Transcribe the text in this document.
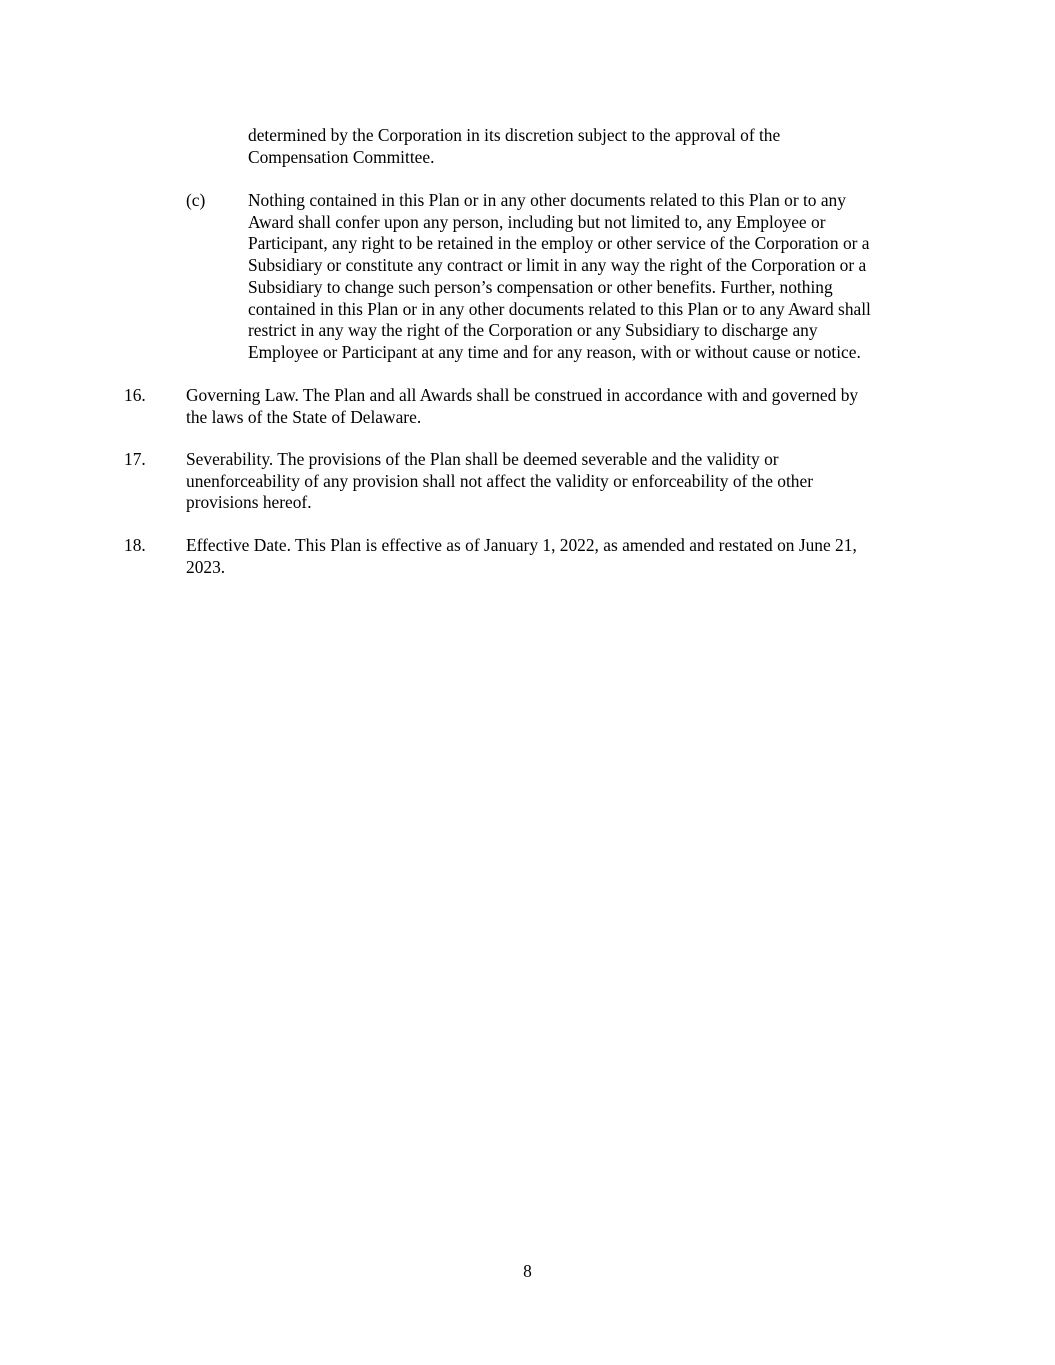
determined by the Corporation in its discretion subject to the approval of the
Compensation Committee.
(c) Nothing contained in this Plan or in any other documents related to this Plan or to any
Award shall confer upon any person, including but not limited to, any Employee or
Participant, any right to be retained in the employ or other service of the Corporation or a
Subsidiary or constitute any contract or limit in any way the right of the Corporation or a
Subsidiary to change such person’s compensation or other benefits. Further, nothing
contained in this Plan or in any other documents related to this Plan or to any Award shall
restrict in any way the right of the Corporation or any Subsidiary to discharge any
Employee or Participant at any time and for any reason, with or without cause or notice.
16. Governing Law. The Plan and all Awards shall be construed in accordance with and governed by
the laws of the State of Delaware.
17. Severability. The provisions of the Plan shall be deemed severable and the validity or
unenforceability of any provision shall not affect the validity or enforceability of the other
provisions hereof.
18. Effective Date. This Plan is effective as of January 1, 2022, as amended and restated on June 21,
2023.
8
